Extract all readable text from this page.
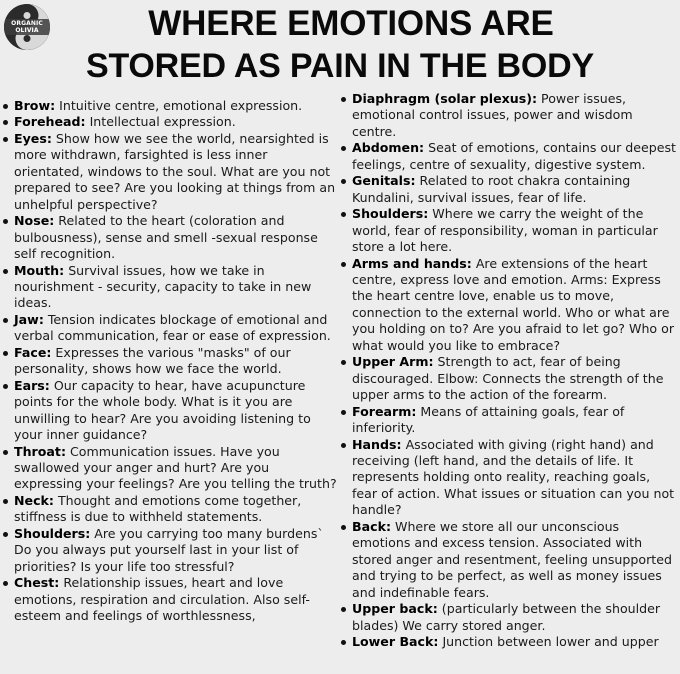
ORGANIC OLIVIA	WHERE EMOTIONS ARE
STORED AS PAIN IN THE BODY
Brow: Intuitive centre, emotional expression.
Forehead: Intellectual expression.
Eyes: Show how we see the world, nearsighted is more withdrawn, farsighted is less inner orientated, windows to the soul. What are you not prepared to see? Are you looking at things from an unhelpful perspective?
Nose: Related to the heart (coloration and bulbousness), sense and smell -sexual response self recognition.
Mouth: Survival issues, how we take in nourishment - security, capacity to take in new ideas.
Jaw: Tension indicates blockage of emotional and verbal communication, fear or ease of expression.
Face: Expresses the various "masks" of our personality, shows how we face the world.
Ears: Our capacity to hear, have acupuncture points for the whole body. What is it you are unwilling to hear? Are you avoiding listening to your inner guidance?
Throat: Communication issues. Have you swallowed your anger and hurt? Are you expressing your feelings? Are you telling the truth?
Neck: Thought and emotions come together, stiffness is due to withheld statements.
Shoulders: Are you carrying too many burdens` Do you always put yourself last in your list of priorities? Is your life too stressful?
Chest: Relationship issues, heart and love emotions, respiration and circulation. Also self-esteem and feelings of worthlessness,
Diaphragm (solar plexus): Power issues, emotional control issues, power and wisdom centre.
Abdomen: Seat of emotions, contains our deepest feelings, centre of sexuality, digestive system.
Genitals: Related to root chakra containing Kundalini, survival issues, fear of life.
Shoulders: Where we carry the weight of the world, fear of responsibility, woman in particular store a lot here.
Arms and hands: Are extensions of the heart centre, express love and emotion. Arms: Express the heart centre love, enable us to move, connection to the external world. Who or what are you holding on to? Are you afraid to let go? Who or what would you like to embrace?
Upper Arm: Strength to act, fear of being discouraged. Elbow: Connects the strength of the upper arms to the action of the forearm.
Forearm: Means of attaining goals, fear of inferiority.
Hands: Associated with giving (right hand) and receiving (left hand, and the details of life. It represents holding onto reality, reaching goals, fear of action. What issues or situation can you not handle?
Back: Where we store all our unconscious emotions and excess tension. Associated with stored anger and resentment, feeling unsupported and trying to be perfect, as well as money issues and indefinable fears.
Upper back: (particularly between the shoulder blades) We carry stored anger.
Lower Back: Junction between lower and upper
